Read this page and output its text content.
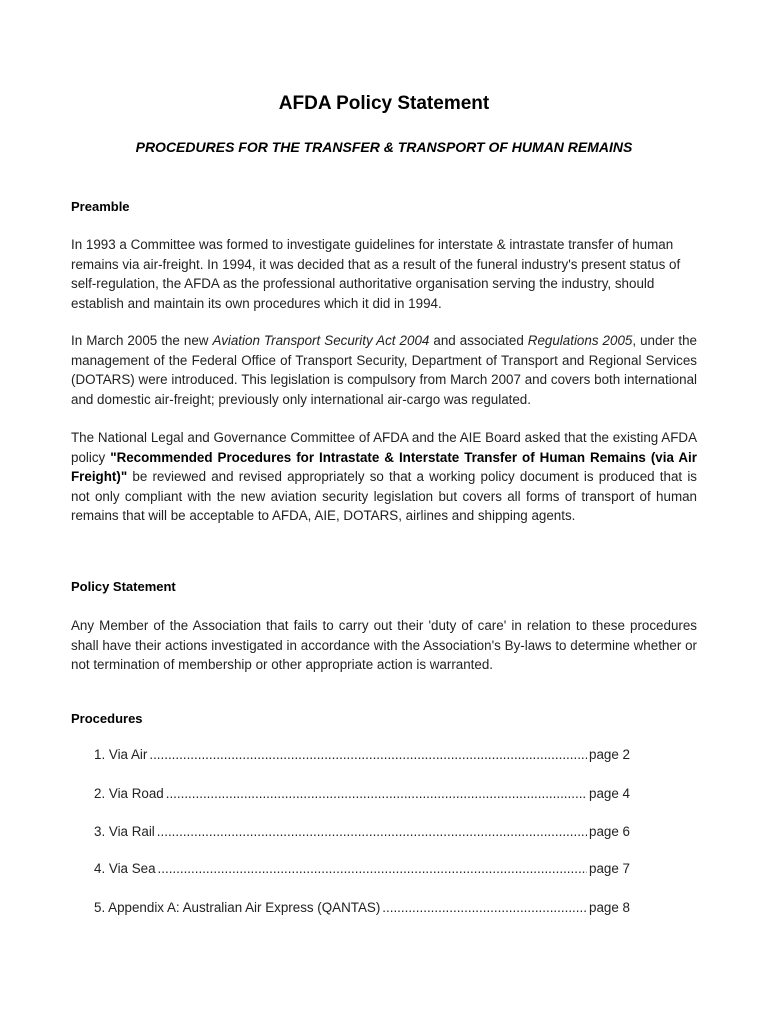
AFDA Policy Statement
PROCEDURES FOR THE TRANSFER & TRANSPORT OF HUMAN REMAINS
Preamble
In 1993 a Committee was formed to investigate guidelines for interstate & intrastate transfer of human remains via air-freight. In 1994, it was decided that as a result of the funeral industry's present status of self-regulation, the AFDA as the professional authoritative organisation serving the industry, should establish and maintain its own procedures which it did in 1994.
In March 2005 the new Aviation Transport Security Act 2004 and associated Regulations 2005, under the management of the Federal Office of Transport Security, Department of Transport and Regional Services (DOTARS) were introduced. This legislation is compulsory from March 2007 and covers both international and domestic air-freight; previously only international air-cargo was regulated.
The National Legal and Governance Committee of AFDA and the AIE Board asked that the existing AFDA policy "Recommended Procedures for Intrastate & Interstate Transfer of Human Remains (via Air Freight)" be reviewed and revised appropriately so that a working policy document is produced that is not only compliant with the new aviation security legislation but covers all forms of transport of human remains that will be acceptable to AFDA, AIE, DOTARS, airlines and shipping agents.
Policy Statement
Any Member of the Association that fails to carry out their 'duty of care' in relation to these procedures shall have their actions investigated in accordance with the Association's By-laws to determine whether or not termination of membership or other appropriate action is warranted.
Procedures
1. Via Air .....	page 2
2. Via Road .....	page 4
3. Via Rail .....	page 6
4. Via Sea .....	page 7
5. Appendix A: Australian Air Express (QANTAS) .....	page 8
